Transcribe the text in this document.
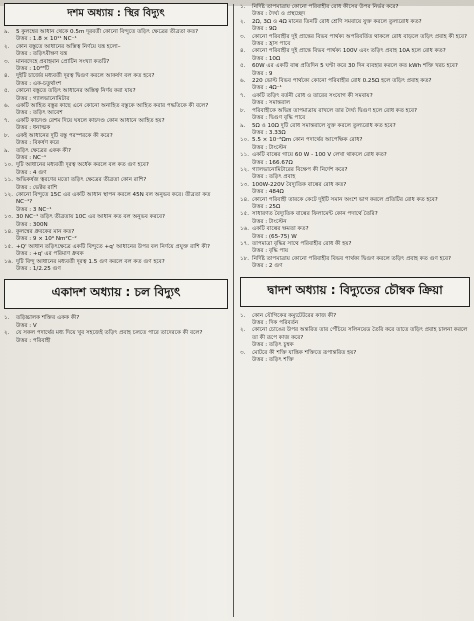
দশম অধ্যায় : স্থির বিদ্যুৎ
৯.	5 কুলম্বের আধান থেকে 0.5m দূরবর্তী কোনো বিন্দুতে তড়িৎ ক্ষেত্রের তীব্রতা কত?
উত্তর : 1.8 × 10¹¹ NC⁻¹
২.	কোন বস্তুতে আধানের অস্তিত্ব নির্ণয়ে যন্ত্র হলো–
উত্তর : তড়িৎবীক্ষণ যন্ত্র
৩.	মানবদেহে প্রবাহমান প্রোটিন সংখ্যা কতটি?
উত্তর : 10²⁸টি
৪.	দুইটি চার্জের মধ্যবর্তী দূরত্ব দ্বিগুণ করলে আকর্ষণ বল কত হবে?
উত্তর : এক-চতুর্থাংশ
৫.	কোনো বস্তুতে তড়িৎ আধানের অস্তিত্ব নির্ণয় করা যায়?
উত্তর : গ্যালভানোমিটার
৬.	একটি আহিত বস্তুর কাছে এনে কোনো অনাহিত বস্তুকে আহিত করার পদ্ধতিকে কী বলে?
উত্তর : তড়িৎ আবেশ
৭.	একটি কাচদণ্ড রেশম দিয়ে ঘষলে কাচদণ্ড কোন আধানে আহিত হয়?
উত্তর : ধনাত্মক
৮.	একই আধানের দুটি বস্তু পরস্পরকে কী করে?
উত্তর : বিকর্ষণ করে
৯.	তড়িৎ ক্ষেত্রের একক কী?
উত্তর : NC⁻¹
১০. দুটি আধানের মধ্যবর্তী দূরত্ব অর্ধেক করলে বল কত গুণ হবে?
উত্তর : 4 গুণ
১১. অভিকর্ষজ ত্বরণের মতো তড়িৎ ক্ষেত্রের তীব্রতা কোন রাশি?
উত্তর : ভেক্টর রাশি
১২. কোনো বিন্দুতে 15C এর একটি আধান স্থাপন করলে 45N বল অনুভব করে। তীব্রতা কত NC⁻¹?
উত্তর : 3 NC⁻¹
১৩. 30 NC⁻¹ তড়িৎ তীব্রতায় 10C এর আধান কত বল অনুভব করবে?
উত্তর : 300N
১৪. কুলম্বের ধ্রুবকের মান কত?
উত্তর : 9 × 10⁹ Nm²C⁻²
১৫. +Q' আধান তড়িৎক্ষেত্রে একটি বিন্দুতে +q' আধানের উপর বল নির্ণয়ে প্রযুক্ত রাশি কী?
উত্তর : +q' এর পরিমাণ ধ্রুবক
১৬. দুটি বিন্দু আধানের মধ্যবর্তী দূরত্ব 1.5 গুণ করলে বল কত গুণ হবে?
উত্তর : 1/2.25 গুণ
একাদশ অধ্যায় : চল বিদ্যুৎ
১.	তড়িচ্চালক শক্তির একক কী?
উত্তর : V
২.	যে সকল পদার্থের মধ্য দিয়ে খুব সহজেই তড়িৎ প্রবাহ চলতে পারে তাদেরকে কী বলে?
উত্তর : পরিবাহী
১.	নির্দিষ্ট তাপমাত্রায় কোনো পরিবাহীর রোধ কীসের উপর নির্ভর করে?
উত্তর : দৈর্ঘ্য ও প্রস্থচ্ছেদ
২.	2Ω, 3Ω ও 4Ω মানের তিনটি রোধ শ্রেণি সমবায়ে যুক্ত করলে তুল্যরোধ কত?
উত্তর : 9Ω
৩.	কোনো পরিবাহীর দুই প্রান্তের বিভব পার্থক্য অপরিবর্তিত থাকলে রোধ বাড়লে তড়িৎ প্রবাহ কী হবে?
উত্তর : হ্রাস পাবে
৪.	কোনো পরিবাহীর দুই প্রান্তে বিভব পার্থক্য 100V এবং তড়িৎ প্রবাহ 10A হলে রোধ কত?
উত্তর : 10Ω
৫.	60W এর একটি বাল্ব প্রতিদিন 5 ঘণ্টা করে 30 দিন ব্যবহার করলে কত kWh শক্তি খরচ হবে?
উত্তর : 9
৬.	220 ভোল্ট বিভব পার্থক্যে কোনো পরিবাহীর রোধ 0.25Ω হলে তড়িৎ প্রবাহ কত?
উত্তর : 4Ω⁻¹
৭.	একটি তড়িৎ বর্তনী রোধ ও তারের সংযোগ কী সমবায়?
উত্তর : সমান্তরাল
৮.	পরিবাহীকে অভিন্ন তাপমাত্রায় রাখলে তার দৈর্ঘ্য দ্বিগুণ হলে রোধ কত হবে?
উত্তর : দ্বিগুণ বৃদ্ধি পাবে
৯.	5Ω ও 10Ω দুটি রোধ সমান্তরালে যুক্ত করলে তুল্যরোধ কত হবে?
উত্তর : 3.33Ω
১০. 5.5 × 10⁻⁸Ωm কোন পদার্থের আপেক্ষিক রোধ?
উত্তর : টাংস্টেন
১১. একটি বাল্বের গায়ে 60 W - 100 V লেখা থাকলে রোধ কত?
উত্তর : 166.67Ω
১২. গ্যালভানোমিটারের বিক্ষেপ কী নির্দেশ করে?
উত্তর : তড়িৎ প্রবাহ
১৩. 100W-220V বৈদ্যুতিক বাল্বের রোধ কত?
উত্তর : 484Ω
১৪. কোনো পরিবাহী তারকে কেটে দুইটি সমান অংশে ভাগ করলে প্রতিটির রোধ কত হবে?
উত্তর : 25Ω
১৫. সাধারণত বৈদ্যুতিক বাল্বের ফিলামেন্ট কোন পদার্থে তৈরি?
উত্তর : টাংস্টেন
১৬. একটি বাল্বের ক্ষমতা কত?
উত্তর : (65-75) W
১৭. তাপমাত্রা বৃদ্ধির সাথে পরিবাহীর রোধ কী হয়?
উত্তর : বৃদ্ধি পায়
১৮. নির্দিষ্ট তাপমাত্রায় কোনো পরিবাহীর বিভব পার্থক্য দ্বিগুণ করলে তড়িৎ প্রবাহ কত গুণ হবে?
উত্তর : 2 গুণ
দ্বাদশ অধ্যায় : বিদ্যুতের চৌম্বক ক্রিয়া
১.	কোন যৌগিকের কম্যুটেটরের কাজ কী?
উত্তর : দিক পরিবর্তন
২.	কোনো চোঙের উপর অন্তরিত তার পেঁচিয়ে সলিনয়েড তৈরি করে তাতে তড়িৎ প্রবাহ চালনা করলে তা কী রূপে কাজ করে?
উত্তর : তড়িৎ চুম্বক
৩.	মোটরে কী শক্তি যান্ত্রিক শক্তিতে রূপান্তরিত হয়?
উত্তর : তড়িৎ শক্তি
